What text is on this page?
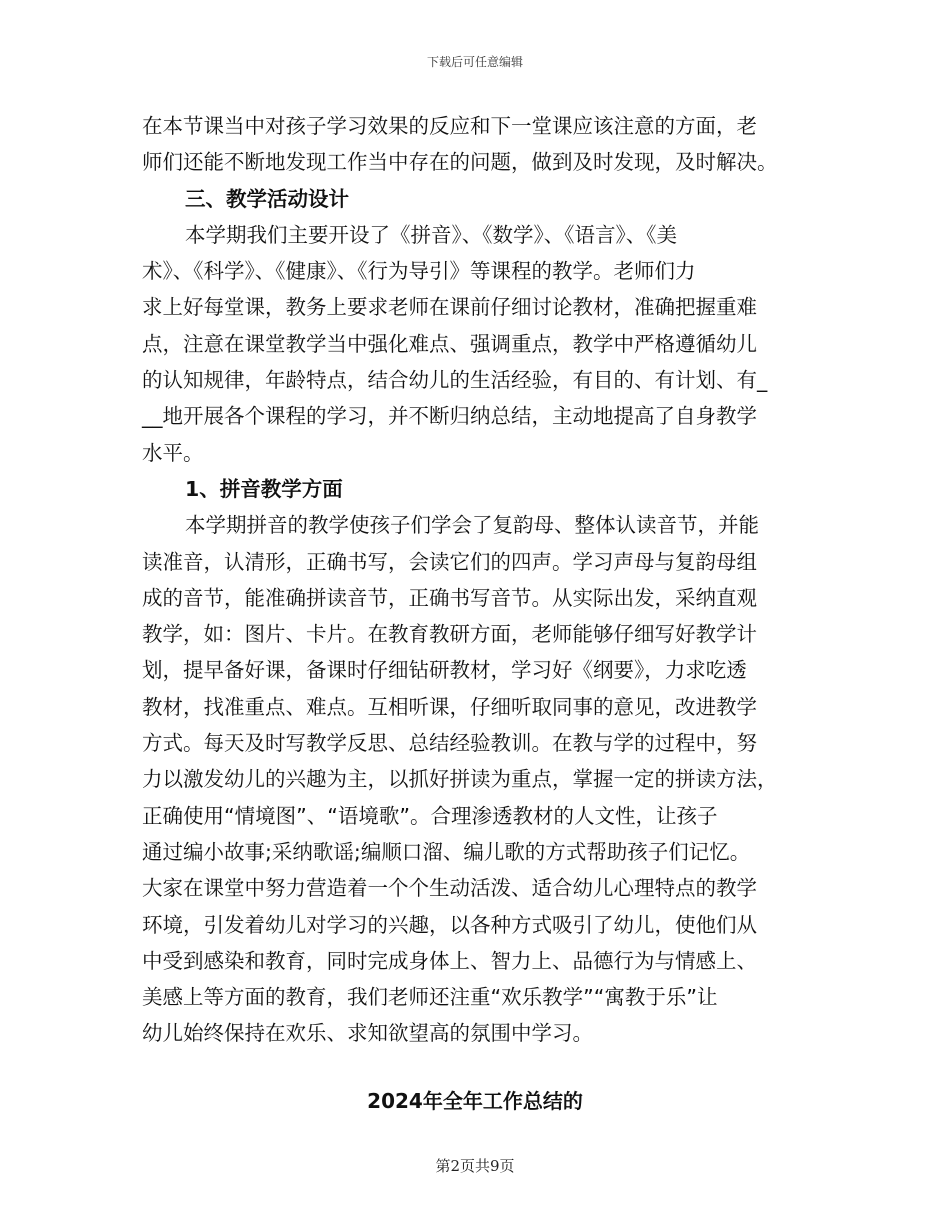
下载后可任意编辑
在本节课当中对孩子学习效果的反应和下一堂课应该注意的方面，老
师们还能不断地发现工作当中存在的问题，做到及时发现，及时解决。
三、教学活动设计
本学期我们主要开设了《拼音》、《数学》、《语言》、《美
术》、《科学》、《健康》、《行为导引》等课程的教学。老师们力
求上好每堂课，教务上要求老师在课前仔细讨论教材，准确把握重难
点，注意在课堂教学当中强化难点、强调重点，教学中严格遵循幼儿
的认知规律，年龄特点，结合幼儿的生活经验，有目的、有计划、有_
__地开展各个课程的学习，并不断归纳总结，主动地提高了自身教学
水平。
1、拼音教学方面
本学期拼音的教学使孩子们学会了复韵母、整体认读音节，并能
读准音，认清形，正确书写，会读它们的四声。学习声母与复韵母组
成的音节，能准确拼读音节，正确书写音节。从实际出发，采纳直观
教学，如：图片、卡片。在教育教研方面，老师能够仔细写好教学计
划，提早备好课，备课时仔细钻研教材，学习好《纲要》，力求吃透
教材，找准重点、难点。互相听课，仔细听取同事的意见，改进教学
方式。每天及时写教学反思、总结经验教训。在教与学的过程中，努
力以激发幼儿的兴趣为主，以抓好拼读为重点，掌握一定的拼读方法，
正确使用“情境图”、“语境歌”。合理渗透教材的人文性，让孩子
通过编小故事;采纳歌谣;编顺口溜、编儿歌的方式帮助孩子们记忆。
大家在课堂中努力营造着一个个生动活泼、适合幼儿心理特点的教学
环境，引发着幼儿对学习的兴趣，以各种方式吸引了幼儿，使他们从
中受到感染和教育，同时完成身体上、智力上、品德行为与情感上、
美感上等方面的教育，我们老师还注重“欢乐教学”“寓教于乐”让
幼儿始终保持在欢乐、求知欲望高的氛围中学习。
2024年全年工作总结的
第2页共9页
